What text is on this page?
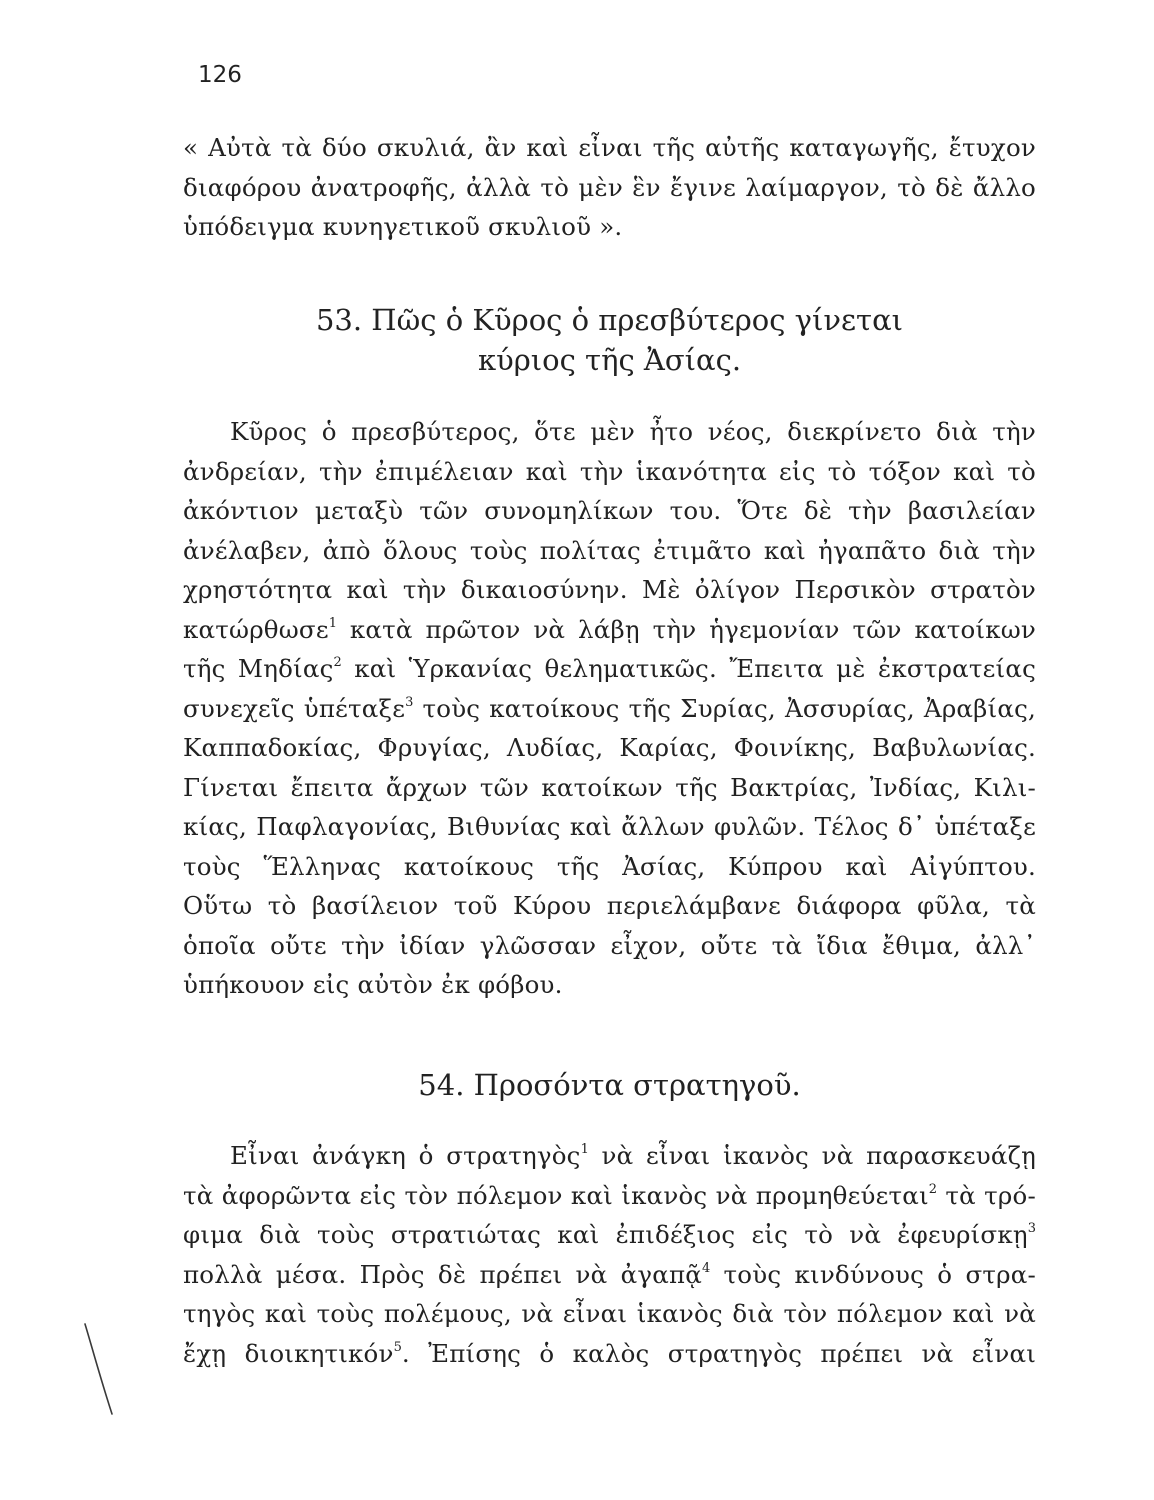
126
« Αὐτὰ τὰ δύο σκυλιά, ἂν καὶ εἶναι τῆς αὐτῆς καταγωγῆς, ἔτυχον
διαφόρου ἀνατροφῆς, ἀλλὰ τὸ μὲν ἓν ἔγινε λαίμαργον, τὸ δὲ ἄλλο
ὑπόδειγμα κυνηγετικοῦ σκυλιοῦ ».
53. Πῶς ὁ Κῦρος ὁ πρεσβύτερος γίνεται
κύριος τῆς Ἀσίας.
Κῦρος ὁ πρεσβύτερος, ὅτε μὲν ἦτο νέος, διεκρίνετο διὰ τὴν
ἀνδρείαν, τὴν ἐπιμέλειαν καὶ τὴν ἱκανότητα εἰς τὸ τόξον καὶ τὸ
ἀκόντιον μεταξὺ τῶν συνομηλίκων του. Ὅτε δὲ τὴν βασιλείαν
ἀνέλαβεν, ἀπὸ ὅλους τοὺς πολίτας ἐτιμᾶτο καὶ ἠγαπᾶτο διὰ τὴν
χρηστότητα καὶ τὴν δικαιοσύνην. Μὲ ὀλίγον Περσικὸν στρατὸν
κατώρθωσε$^1$ κατὰ πρῶτον νὰ λάβῃ τὴν ἡγεμονίαν τῶν κατοίκων
τῆς Μηδίας$^2$ καὶ Ὑρκανίας θεληματικῶς. Ἔπειτα μὲ ἐκστρατείας
συνεχεῖς ὑπέταξε$^3$ τοὺς κατοίκους τῆς Συρίας, Ἀσσυρίας, Ἀραβίας,
Καππαδοκίας, Φρυγίας, Λυδίας, Καρίας, Φοινίκης, Βαβυλωνίας.
Γίνεται ἔπειτα ἄρχων τῶν κατοίκων τῆς Βακτρίας, Ἰνδίας, Κιλι-
κίας, Παφλαγονίας, Βιθυνίας καὶ ἄλλων φυλῶν. Τέλος δ᾽ ὑπέταξε
τοὺς Ἕλληνας κατοίκους τῆς Ἀσίας, Κύπρου καὶ Αἰγύπτου.
Οὕτω τὸ βασίλειον τοῦ Κύρου περιελάμβανε διάφορα φῦλα, τὰ
ὁποῖα οὔτε τὴν ἰδίαν γλῶσσαν εἶχον, οὔτε τὰ ἴδια ἔθιμα, ἀλλ᾽
ὑπήκουον εἰς αὐτὸν ἐκ φόβου.
54. Προσόντα στρατηγοῦ.
Εἶναι ἀνάγκη ὁ στρατηγὸς$^1$ νὰ εἶναι ἱκανὸς νὰ παρασκευάζῃ
τὰ ἀφορῶντα εἰς τὸν πόλεμον καὶ ἱκανὸς νὰ προμηθεύεται$^2$ τὰ τρό-
φιμα διὰ τοὺς στρατιώτας καὶ ἐπιδέξιος εἰς τὸ νὰ ἐφευρίσκῃ$^3$
πολλὰ μέσα. Πρὸς δὲ πρέπει νὰ ἀγαπᾷ$^4$ τοὺς κινδύνους ὁ στρα-
τηγὸς καὶ τοὺς πολέμους, νὰ εἶναι ἱκανὸς διὰ τὸν πόλεμον καὶ νὰ
ἔχῃ διοικητικόν$^5$. Ἐπίσης ὁ καλὸς στρατηγὸς πρέπει νὰ εἶναι
